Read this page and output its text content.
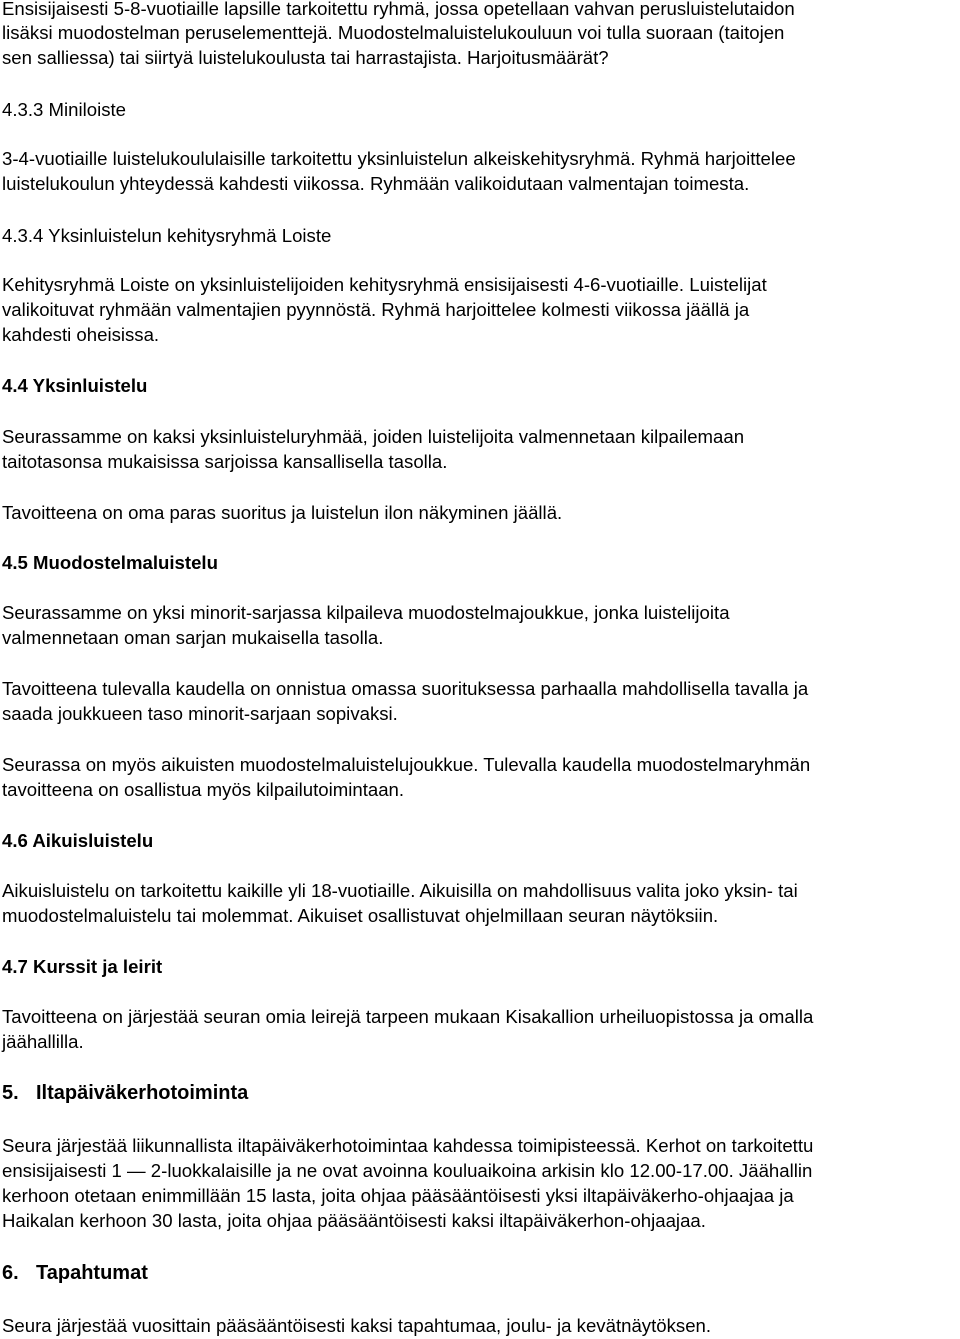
Ensisijaisesti 5-8-vuotiaille lapsille tarkoitettu ryhmä, jossa opetellaan vahvan perusluistelutaidon
lisäksi muodostelman peruselementtejä. Muodostelmaluistelukouluun voi tulla suoraan (taitojen
sen salliessa) tai siirtyä luistelukoulusta tai harrastajista. Harjoitusmäärät?
4.3.3 Miniloiste
3-4-vuotiaille luistelukoululaisille tarkoitettu yksinluistelun alkeiskehitysryhmä. Ryhmä harjoittelee
luistelukoulun yhteydessä kahdesti viikossa. Ryhmään valikoidutaan valmentajan toimesta.
4.3.4 Yksinluistelun kehitysryhmä Loiste
Kehitysryhmä Loiste on yksinluistelijoiden kehitysryhmä ensisijaisesti 4-6-vuotiaille. Luistelijat
valikoituvat ryhmään valmentajien pyynnöstä. Ryhmä harjoittelee kolmesti viikossa jäällä ja
kahdesti oheisissa.
4.4 Yksinluistelu
Seurassamme on kaksi yksinluisteluryhmää, joiden luistelijoita valmennetaan kilpailemaan
taitotasonsa mukaisissa sarjoissa kansallisella tasolla.
Tavoitteena on oma paras suoritus ja luistelun ilon näkyminen jäällä.
4.5 Muodostelmaluistelu
Seurassamme on yksi minorit-sarjassa kilpaileva muodostelmajoukkue, jonka luistelijoita
valmennetaan oman sarjan mukaisella tasolla.
Tavoitteena tulevalla kaudella on onnistua omassa suorituksessa parhaalla mahdollisella tavalla ja
saada joukkueen taso minorit-sarjaan sopivaksi.
Seurassa on myös aikuisten muodostelmaluistelujoukkue. Tulevalla kaudella muodostelmaryhmän
tavoitteena on osallistua myös kilpailutoimintaan.
4.6 Aikuisluistelu
Aikuisluistelu on tarkoitettu kaikille yli 18-vuotiaille. Aikuisilla on mahdollisuus valita joko yksin- tai
muodostelmaluistelu tai molemmat. Aikuiset osallistuvat ohjelmillaan seuran näytöksiin.
4.7 Kurssit ja leirit
Tavoitteena on järjestää seuran omia leirejä tarpeen mukaan Kisakallion urheiluopistossa ja omalla
jäähallilla.
5. Iltapäiväkerhotoiminta
Seura järjestää liikunnallista iltapäiväkerhotoimintaa kahdessa toimipisteessä. Kerhot on tarkoitettu
ensisijaisesti 1 — 2-luokkalaisille ja ne ovat avoinna kouluaikoina arkisin klo 12.00-17.00. Jäähallin
kerhoon otetaan enimmillään 15 lasta, joita ohjaa pääsääntöisesti yksi iltapäiväkerho-ohjaajaa ja
Haikalan kerhoon 30 lasta, joita ohjaa pääsääntöisesti kaksi iltapäiväkerhon-ohjaajaa.
6. Tapahtumat
Seura järjestää vuosittain pääsääntöisesti kaksi tapahtumaa, joulu- ja kevätnäytöksen.
